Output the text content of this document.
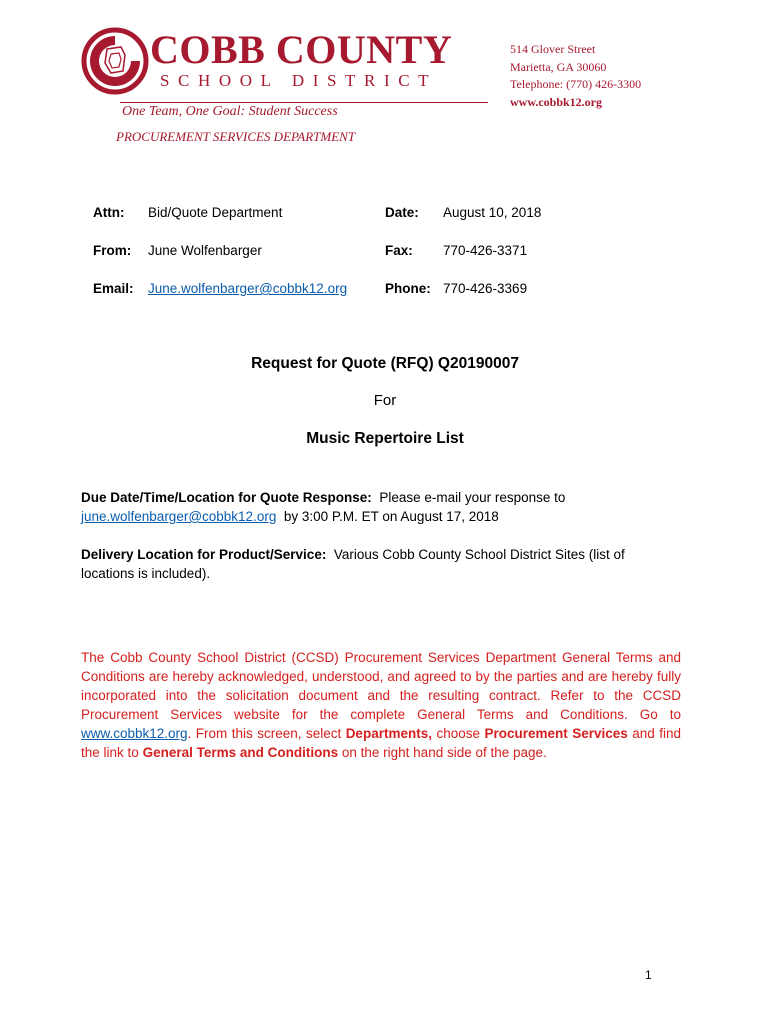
COBB COUNTY
SCHOOL DISTRICT
One Team, One Goal: Student Success
PROCUREMENT SERVICES DEPARTMENT
514 Glover Street
Marietta, GA 30060
Telephone: (770) 426-3300
www.cobbk12.org
Attn: Bid/Quote Department	Date: August 10, 2018
From: June Wolfenbarger	Fax: 770-426-3371
Email: June.wolfenbarger@cobbk12.org	Phone: 770-426-3369
Request for Quote (RFQ) Q20190007
For
Music Repertoire List
Due Date/Time/Location for Quote Response: Please e-mail your response to june.wolfenbarger@cobbk12.org by 3:00 P.M. ET on August 17, 2018
Delivery Location for Product/Service: Various Cobb County School District Sites (list of locations is included).
The Cobb County School District (CCSD) Procurement Services Department General Terms and Conditions are hereby acknowledged, understood, and agreed to by the parties and are hereby fully incorporated into the solicitation document and the resulting contract. Refer to the CCSD Procurement Services website for the complete General Terms and Conditions. Go to www.cobbk12.org. From this screen, select Departments, choose Procurement Services and find the link to General Terms and Conditions on the right hand side of the page.
1
